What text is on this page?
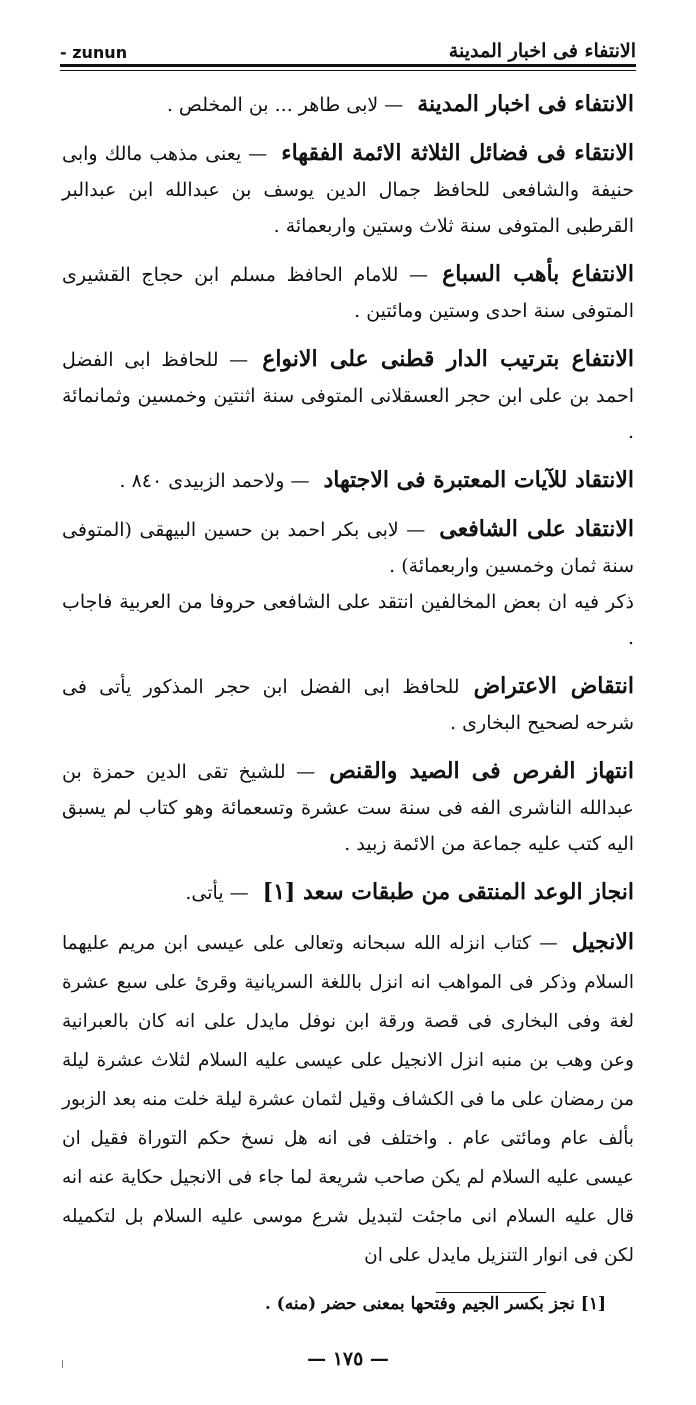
- zunun	الانتفاء فى اخبار المدينة

الانتفاء فى اخبار المدينة— لابى طاهر ... بن المخلص .

الانتقاء فى فضائل الثلاثة الائمة الفقهاء— يعنى مذهب مالك وابى حنيفة والشافعى للحافظ جمال الدين يوسف بن عبدالله ابن عبدالبر القرطبى المتوفى سنة ثلاث وستين واربعمائة .

الانتفاع بأهب السباع— للامام الحافظ مسلم ابن حجاج القشيرى المتوفى سنة احدى وستين ومائتين .

الانتفاع بترتيب الدار قطنى على الانواع— للحافظ ابى الفضل احمد بن على ابن حجر العسقلانى المتوفى سنة اثنتين وخمسين وثمانمائة .

الانتقاد للآيات المعتبرة فى الاجتهاد— ولاحمد الزبيدى ٨٤٠ .

الانتقاد على الشافعى— لابى بكر احمد بن حسين البيهقى (المتوفى سنة ثمان وخمسين واربعمائة) .

ذكر فيه ان بعض المخالفين انتقد على الشافعى حروفا من العربية فاجاب .

انتقاض الاعتراضللحافظ ابى الفضل ابن حجر المذكور يأتى فى شرحه لصحيح البخارى .

انتهاز الفرص فى الصيد والقنص— للشيخ تقى الدين حمزة بن عبدالله الناشرى الفه فى سنة ست عشرة وتسعمائة وهو كتاب لم يسبق اليه كتب عليه جماعة من الائمة زبيد .

انجاز الوعد المنتقى من طبقات سعد [١]— يأتى.

الانجيل— كتاب انزله الله سبحانه وتعالى على عيسى ابن مريم عليهما السلام وذكر فى المواهب انه انزل باللغة السريانية وقرئ على سبع عشرة لغة وفى البخارى فى قصة ورقة ابن نوفل مايدل على انه كان بالعبرانية وعن وهب بن منبه انزل الانجيل على عيسى عليه السلام لثلاث عشرة ليلة من رمضان على ما فى الكشاف وقيل لثمان عشرة ليلة خلت منه بعد الزبور بألف عام ومائتى عام . واختلف فى انه هل نسخ حكم التوراة فقيل ان عيسى عليه السلام لم يكن صاحب شريعة لما جاء فى الانجيل حكاية عنه انه قال عليه السلام انى ماجئت لتبديل شرع موسى عليه السلام بل لتكميله لكن فى انوار التنزيل مايدل على ان

[١] نجز بكسر الجيم وفتحها بمعنى حضر (منه) .
— ١٧٥ —
